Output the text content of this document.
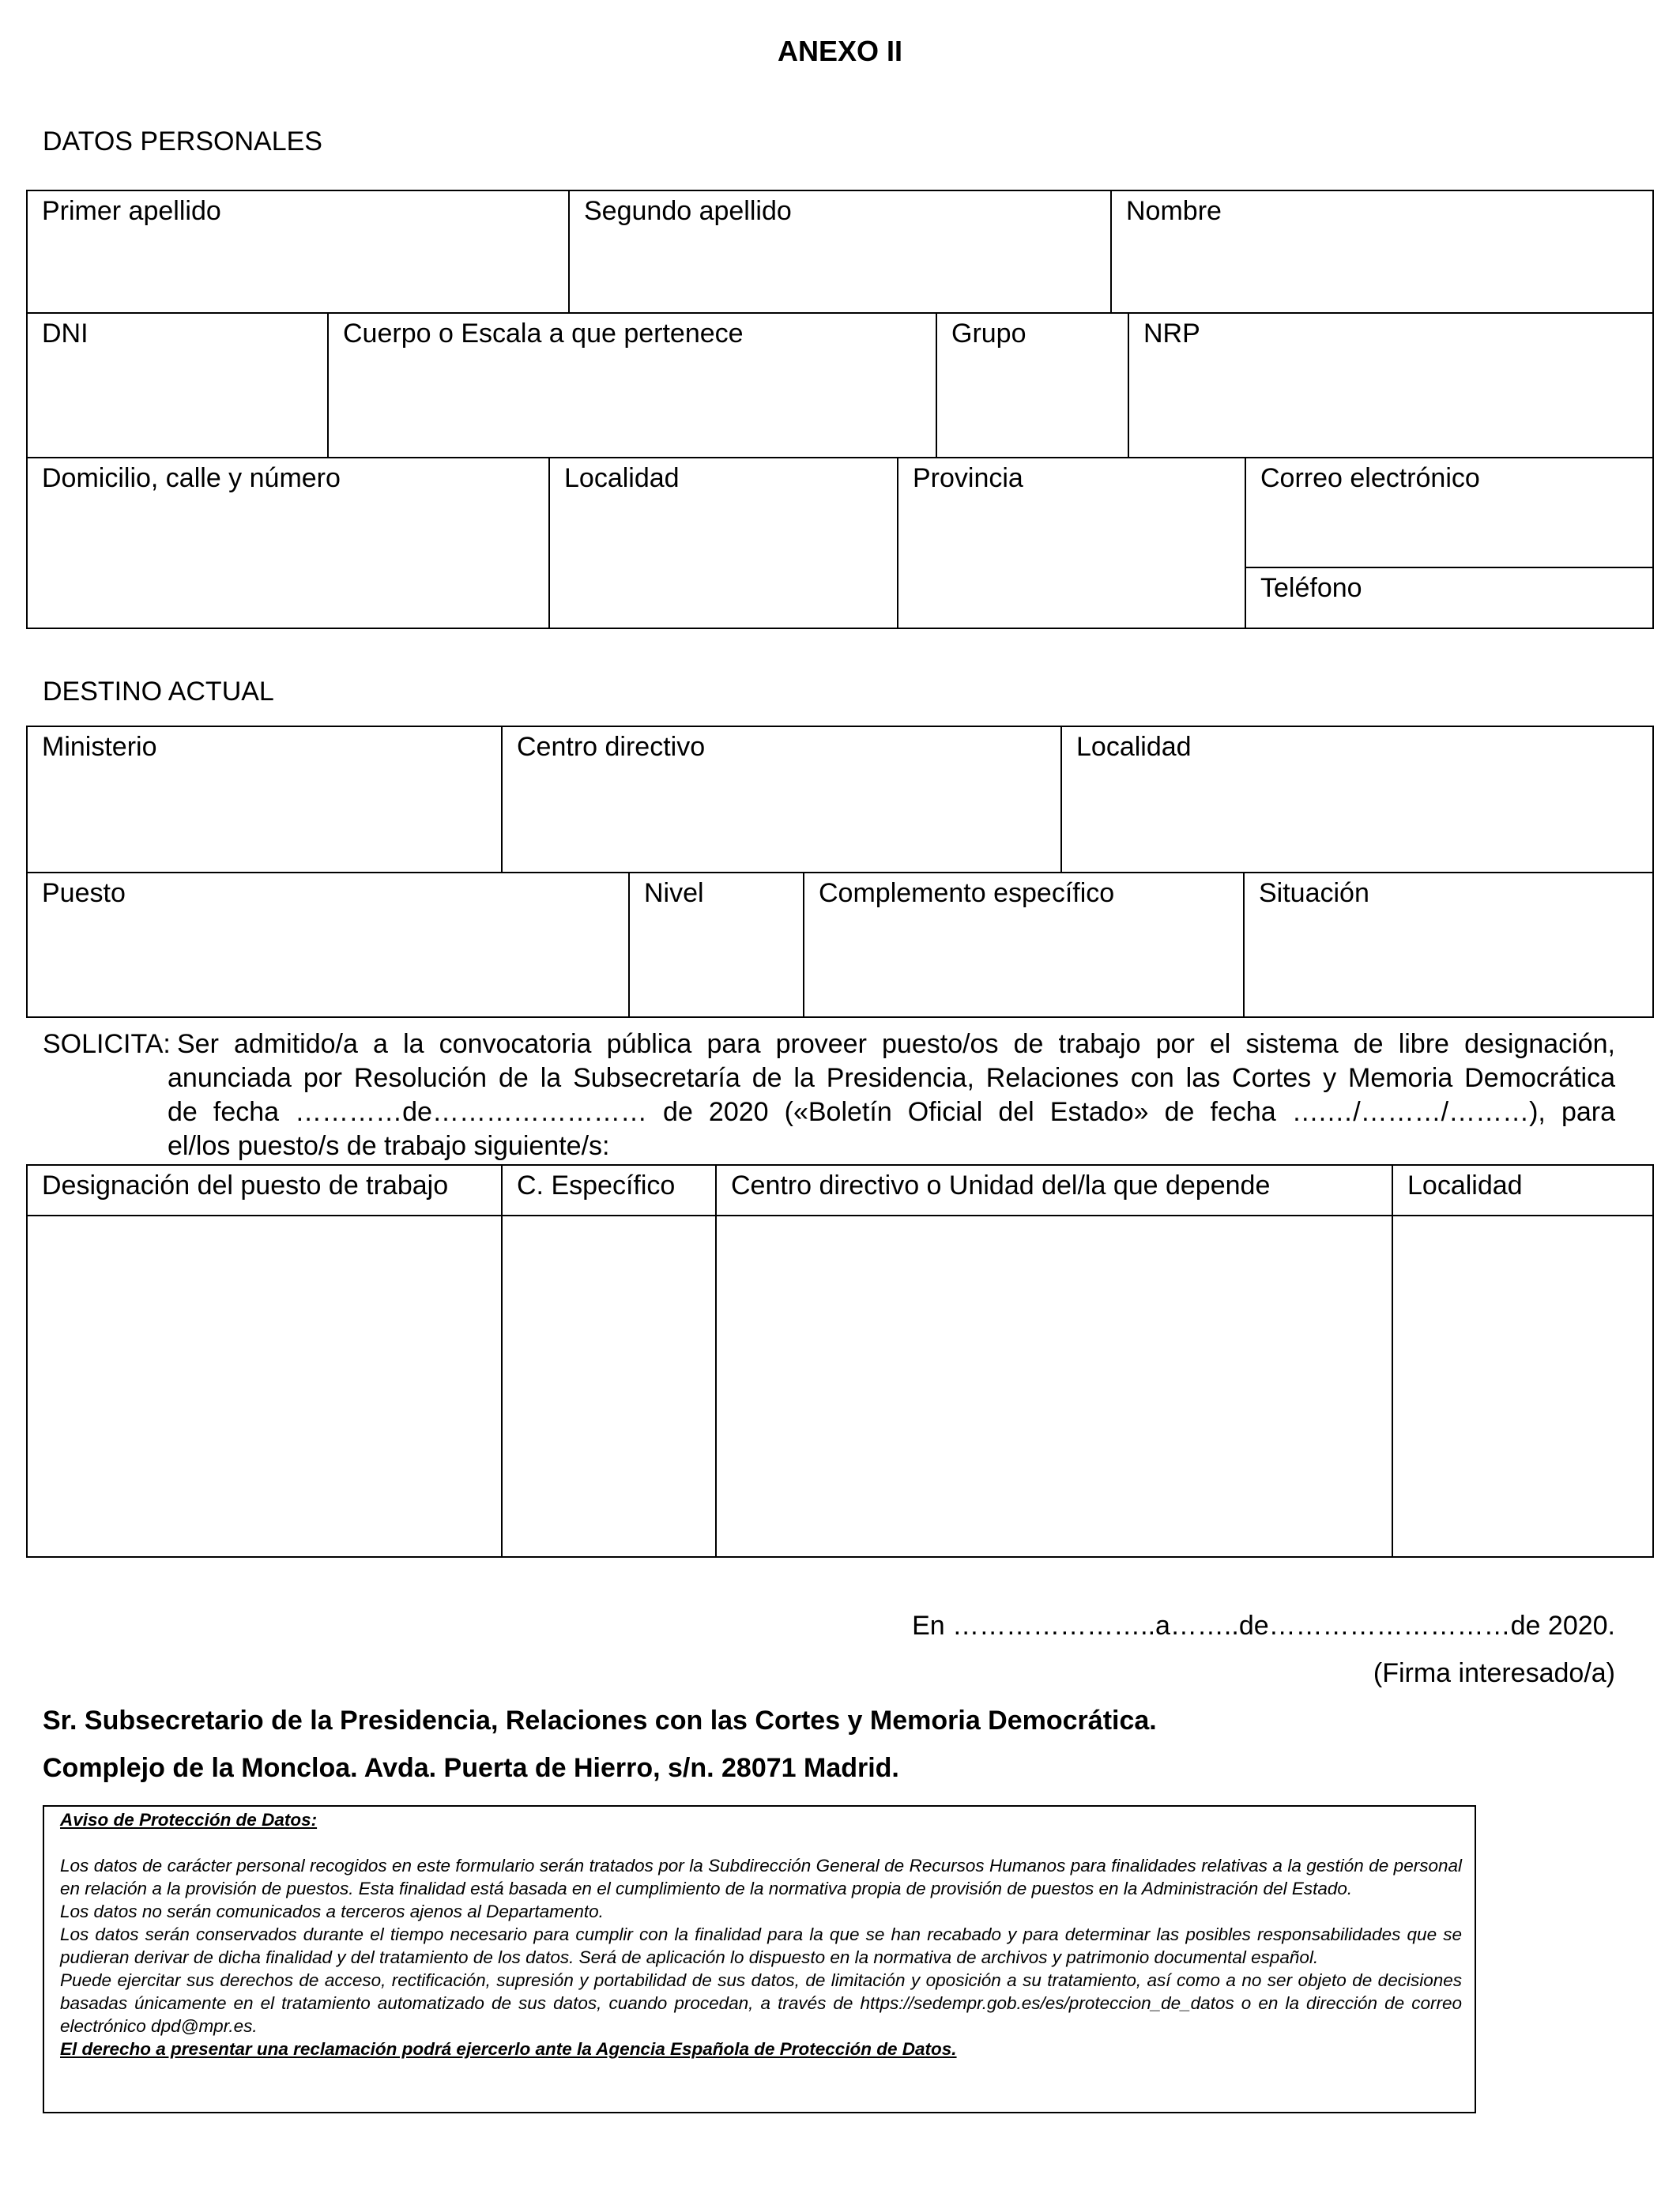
ANEXO II
DATOS PERSONALES
Primer apellido	Segundo apellido	Nombre
DNI	Cuerpo o Escala a que pertenece	Grupo	NRP
Domicilio, calle y número	Localidad	Provincia	Correo electrónico
Teléfono
DESTINO ACTUAL
Ministerio	Centro directivo	Localidad
Puesto	Nivel	Complemento específico	Situación
SOLICITA: Ser admitido/a a la convocatoria pública para proveer puesto/os de trabajo por el sistema de libre designación,
anunciada por Resolución de la Subsecretaría de la Presidencia, Relaciones con las Cortes y Memoria Democrática
de fecha …………de…………………… de 2020 («Boletín Oficial del Estado» de fecha ….…/………/………), para
el/los puesto/s de trabajo siguiente/s:
Designación del puesto de trabajo	C. Específico	Centro directivo o Unidad del/la que depende	Localidad
En …………………..a……..de………………………de 2020.
(Firma interesado/a)
Sr. Subsecretario de la Presidencia, Relaciones con las Cortes y Memoria Democrática.
Complejo de la Moncloa. Avda. Puerta de Hierro, s/n. 28071 Madrid.

Aviso de Protección de Datos:

Los datos de carácter personal recogidos en este formulario serán tratados por la Subdirección General de Recursos Humanos para finalidades relativas a la gestión de personal en relación a la provisión de puestos. Esta finalidad está basada en el cumplimiento de la normativa propia de provisión de puestos en la Administración del Estado.

Los datos no serán comunicados a terceros ajenos al Departamento.

Los datos serán conservados durante el tiempo necesario para cumplir con la finalidad para la que se han recabado y para determinar las posibles responsabilidades que se pudieran derivar de dicha finalidad y del tratamiento de los datos. Será de aplicación lo dispuesto en la normativa de archivos y patrimonio documental español.

Puede ejercitar sus derechos de acceso, rectificación, supresión y portabilidad de sus datos, de limitación y oposición a su tratamiento, así como a no ser objeto de decisiones basadas únicamente en el tratamiento automatizado de sus datos, cuando procedan, a través de https://sedempr.gob.es/es/proteccion_de_datos o en la dirección de correo electrónico dpd@mpr.es.

El derecho a presentar una reclamación podrá ejercerlo ante la Agencia Española de Protección de Datos.
